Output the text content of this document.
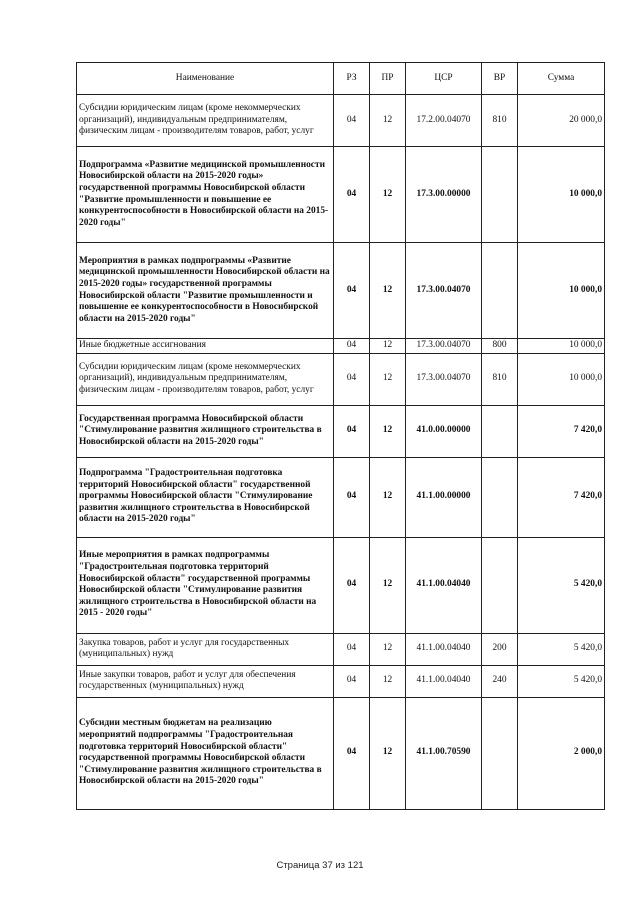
Наименование	РЗ	ПР	ЦСР	ВР	Сумма
Субсидии юридическим лицам (кроме некоммерческих организаций), индивидуальным предпринимателям, физическим лицам - производителям товаров, работ, услуг	04	12	17.2.00.04070	810	20 000,0
Подпрограмма «Развитие медицинской промышленности Новосибирской области на 2015-2020 годы» государственной программы Новосибирской области "Развитие промышленности и повышение ее конкурентоспособности в Новосибирской области на 2015-2020 годы"	04	12	17.3.00.00000		10 000,0
Мероприятия в рамках подпрограммы «Развитие медицинской промышленности Новосибирской области на 2015-2020 годы» государственной программы Новосибирской области "Развитие промышленности и повышение ее конкурентоспособности в Новосибирской области на 2015-2020 годы"	04	12	17.3.00.04070		10 000,0
Иные бюджетные ассигнования	04	12	17.3.00.04070	800	10 000,0
Субсидии юридическим лицам (кроме некоммерческих организаций), индивидуальным предпринимателям, физическим лицам - производителям товаров, работ, услуг	04	12	17.3.00.04070	810	10 000,0
Государственная программа Новосибирской области "Стимулирование развития жилищного строительства в Новосибирской области на 2015-2020 годы"	04	12	41.0.00.00000		7 420,0
Подпрограмма "Градостроительная подготовка территорий Новосибирской области" государственной программы Новосибирской области "Стимулирование развития жилищного строительства в Новосибирской области на 2015-2020 годы"	04	12	41.1.00.00000		7 420,0
Иные мероприятия в рамках подпрограммы "Градостроительная подготовка территорий Новосибирской области" государственной программы Новосибирской области "Стимулирование развития жилищного строительства в Новосибирской области на 2015 - 2020 годы"	04	12	41.1.00.04040		5 420,0
Закупка товаров, работ и услуг для государственных (муниципальных) нужд	04	12	41.1.00.04040	200	5 420,0
Иные закупки товаров, работ и услуг для обеспечения государственных (муниципальных) нужд	04	12	41.1.00.04040	240	5 420,0
Субсидии местным бюджетам на реализацию мероприятий подпрограммы "Градостроительная подготовка территорий Новосибирской области" государственной программы Новосибирской области "Стимулирование развития жилищного строительства в Новосибирской области на 2015-2020 годы"	04	12	41.1.00.70590		2 000,0
Страница 37 из 121
